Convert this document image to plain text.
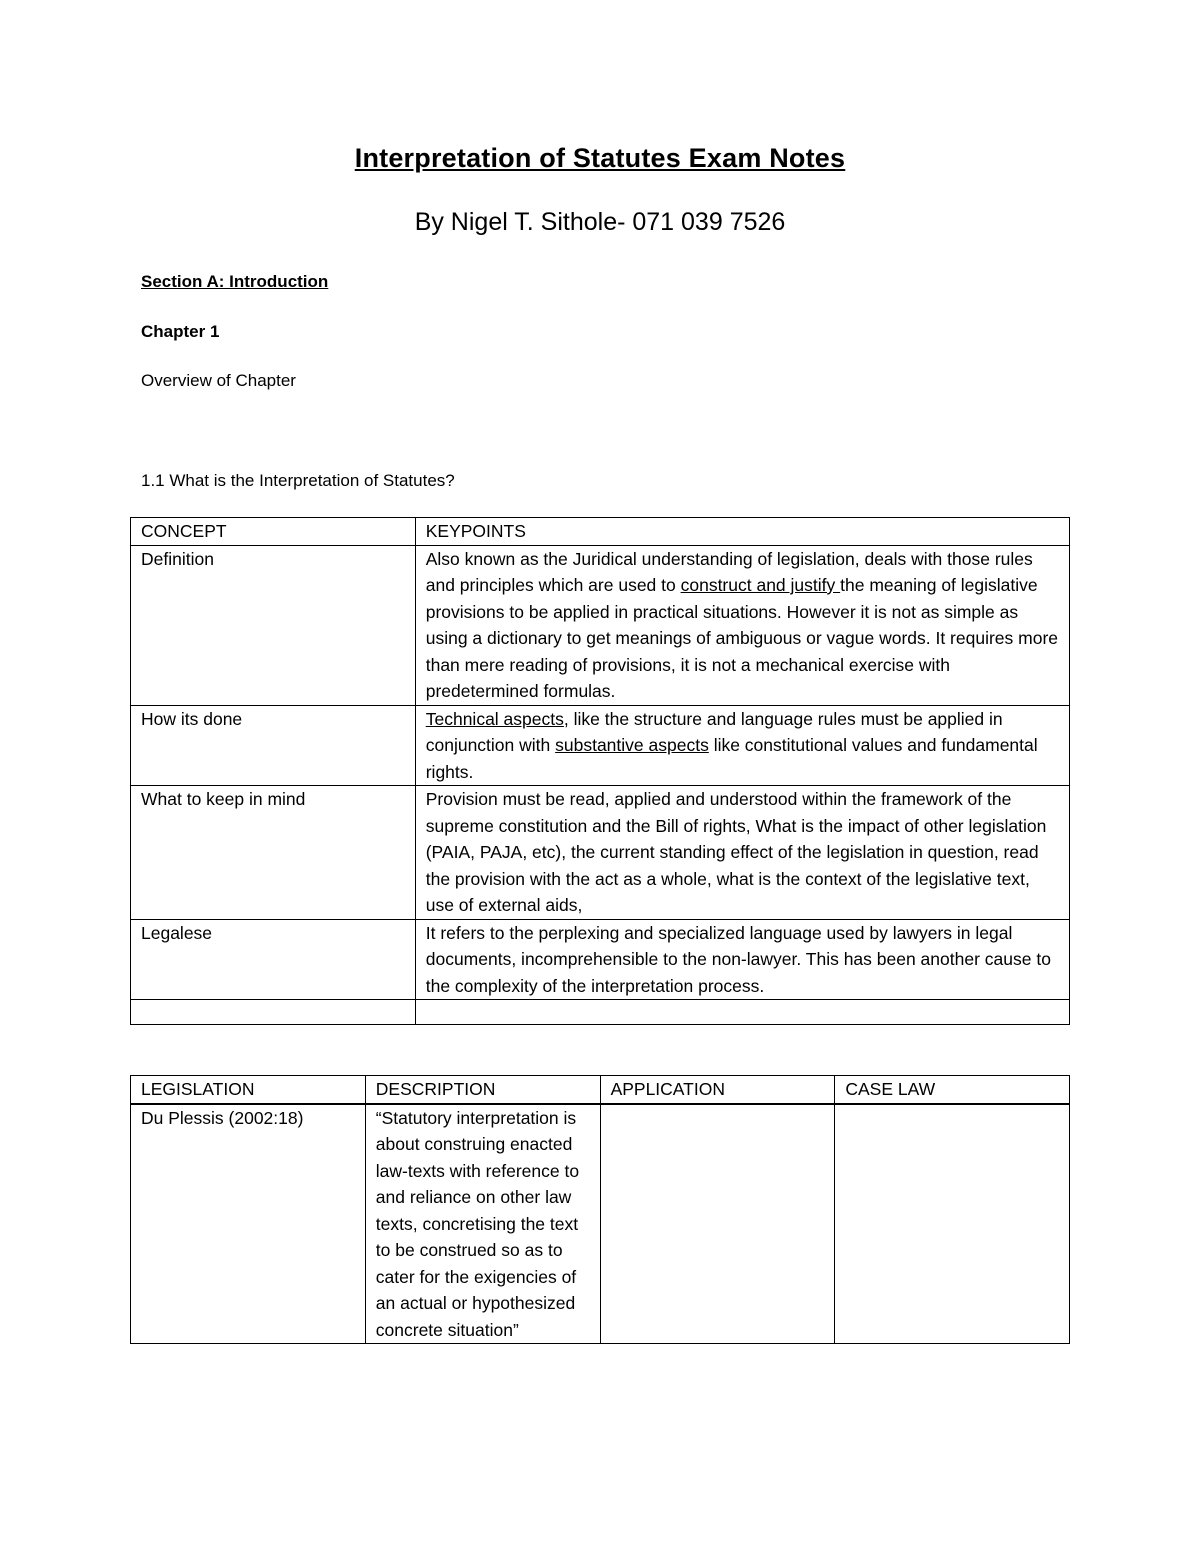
Interpretation of Statutes Exam Notes
By Nigel T. Sithole- 071 039 7526
Section A: Introduction
Chapter 1
Overview of Chapter
1.1 What is the Interpretation of Statutes?
CONCEPT	KEYPOINTS
Definition	Also known as the Juridical understanding of legislation, deals with those rules and principles which are used to construct and justify the meaning of legislative provisions to be applied in practical situations. However it is not as simple as using a dictionary to get meanings of ambiguous or vague words. It requires more than mere reading of provisions, it is not a mechanical exercise with predetermined formulas.
How its done	Technical aspects, like the structure and language rules must be applied in conjunction with substantive aspects like constitutional values and fundamental rights.
What to keep in mind	Provision must be read, applied and understood within the framework of the supreme constitution and the Bill of rights, What is the impact of other legislation (PAIA, PAJA, etc), the current standing effect of the legislation in question, read the provision with the act as a whole, what is the context of the legislative text, use of external aids,
Legalese	It refers to the perplexing and specialized language used by lawyers in legal documents, incomprehensible to the non-lawyer. This has been another cause to the complexity of the interpretation process.

LEGISLATION	DESCRIPTION	APPLICATION	CASE LAW
Du Plessis (2002:18)	“Statutory interpretation is about construing enacted law-texts with reference to and reliance on other law texts, concretising the text to be construed so as to cater for the exigencies of an actual or hypothesized concrete situation”		
